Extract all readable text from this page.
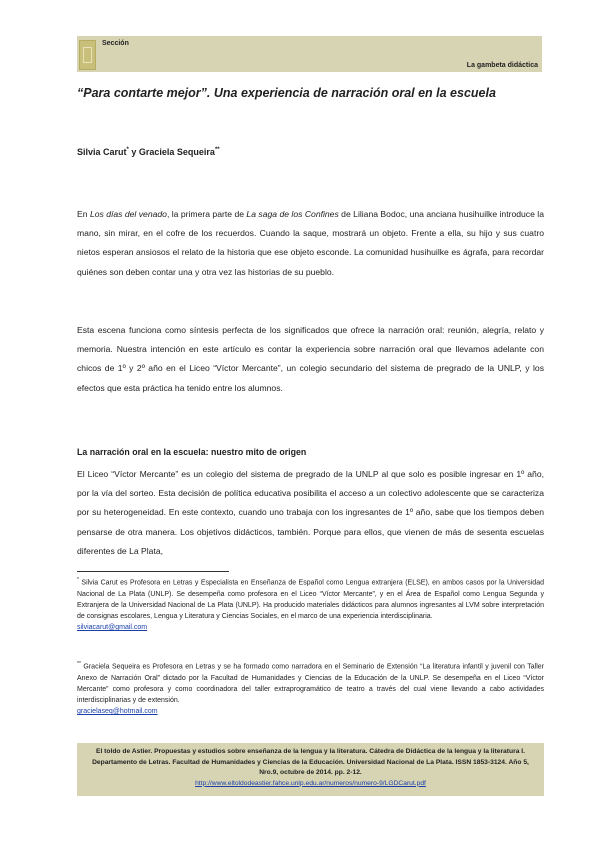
Sección
La gambeta didáctica
“Para contarte mejor”. Una experiencia de narración oral en la escuela
Silvia Carut* y Graciela Sequeira**

En Los días del venado, la primera parte de La saga de los Confines de Liliana Bodoc, una anciana husihuilke introduce la mano, sin mirar, en el cofre de los recuerdos. Cuando la saque, mostrará un objeto. Frente a ella, su hijo y sus cuatro nietos esperan ansiosos el relato de la historia que ese objeto esconde. La comunidad husihuilke es ágrafa, para recordar quiénes son deben contar una y otra vez las historias de su pueblo.

Esta escena funciona como síntesis perfecta de los significados que ofrece la narración oral: reunión, alegría, relato y memoria. Nuestra intención en este artículo es contar la experiencia sobre narración oral que llevamos adelante con chicos de 1º y 2º año en el Liceo “Víctor Mercante”, un colegio secundario del sistema de pregrado de la UNLP, y los efectos que esta práctica ha tenido entre los alumnos.

La narración oral en la escuela: nuestro mito de origen

El Liceo “Víctor Mercante” es un colegio del sistema de pregrado de la UNLP al que solo es posible ingresar en 1º año, por la vía del sorteo. Esta decisión de política educativa posibilita el acceso a un colectivo adolescente que se caracteriza por su heterogeneidad. En este contexto, cuando uno trabaja con los ingresantes de 1º año, sabe que los tiempos deben pensarse de otra manera. Los objetivos didácticos, también. Porque para ellos, que vienen de más de sesenta escuelas diferentes de La Plata,

* Silvia Carut es Profesora en Letras y Especialista en Enseñanza de Español como Lengua extranjera (ELSE), en ambos casos por la Universidad Nacional de La Plata (UNLP). Se desempeña como profesora en el Liceo “Víctor Mercante”, y en el Área de Español como Lengua Segunda y Extranjera de la Universidad Nacional de La Plata (UNLP). Ha producido materiales didácticos para alumnos ingresantes al LVM sobre interpretación de consignas escolares, Lengua y Literatura y Ciencias Sociales, en el marco de una experiencia interdisciplinaria.

silviacarut@gmail.com

** Graciela Sequeira es Profesora en Letras y se ha formado como narradora en el Seminario de Extensión “La literatura infantil y juvenil con Taller Anexo de Narración Oral” dictado por la Facultad de Humanidades y Ciencias de la Educación de la UNLP. Se desempeña en el Liceo “Víctor Mercante” como profesora y como coordinadora del taller extraprogramático de teatro a través del cual viene llevando a cabo actividades interdisciplinarias y de extensión.

gracielaseq@hotmail.com

El toldo de Astier. Propuestas y estudios sobre enseñanza de la lengua y la literatura. Cátedra de Didáctica de la lengua y la literatura I. Departamento de Letras. Facultad de Humanidades y Ciencias de la Educación. Universidad Nacional de La Plata. ISSN 1853-3124. Año 5, Nro.9, octubre de 2014. pp. 2-12.
http://www.eltoldodeastier.fahce.unlp.edu.ar/numeros/numero-9/LGDCarut.pdf
